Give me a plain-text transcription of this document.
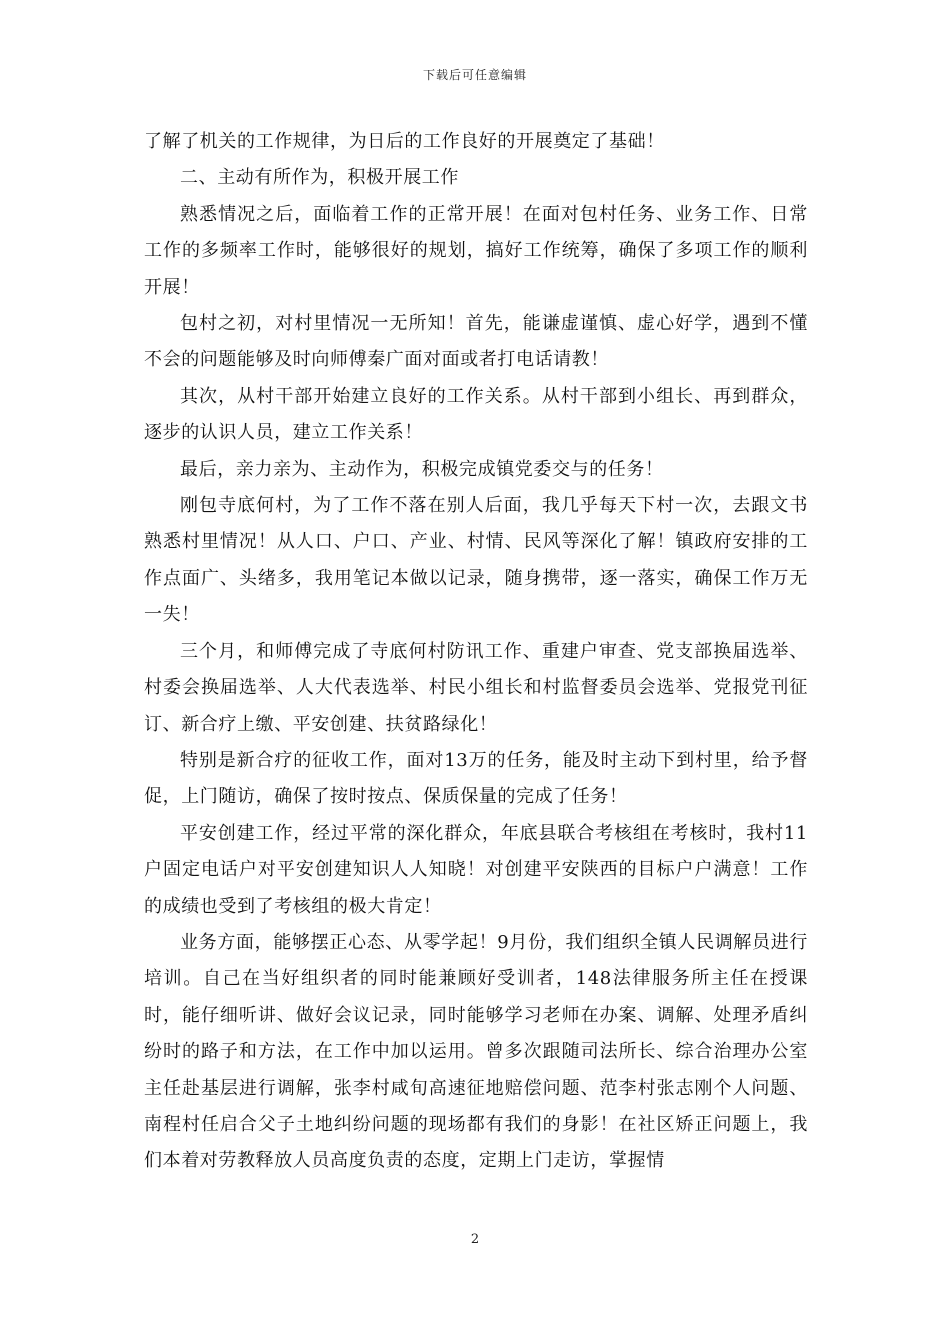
下载后可任意编辑

了解了机关的工作规律，为日后的工作良好的开展奠定了基础！

二、主动有所作为，积极开展工作

熟悉情况之后，面临着工作的正常开展！在面对包村任务、业务工作、日常工作的多频率工作时，能够很好的规划，搞好工作统筹，确保了多项工作的顺利开展！

包村之初，对村里情况一无所知！首先，能谦虚谨慎、虚心好学，遇到不懂不会的问题能够及时向师傅秦广面对面或者打电话请教！

其次，从村干部开始建立良好的工作关系。从村干部到小组长、再到群众，逐步的认识人员，建立工作关系！

最后，亲力亲为、主动作为，积极完成镇党委交与的任务！

刚包寺底何村，为了工作不落在别人后面，我几乎每天下村一次，去跟文书熟悉村里情况！从人口、户口、产业、村情、民风等深化了解！镇政府安排的工作点面广、头绪多，我用笔记本做以记录，随身携带，逐一落实，确保工作万无一失！

三个月，和师傅完成了寺底何村防讯工作、重建户审查、党支部换届选举、村委会换届选举、人大代表选举、村民小组长和村监督委员会选举、党报党刊征订、新合疗上缴、平安创建、扶贫路绿化！

特别是新合疗的征收工作，面对13万的任务，能及时主动下到村里，给予督促，上门随访，确保了按时按点、保质保量的完成了任务！

平安创建工作，经过平常的深化群众，年底县联合考核组在考核时，我村11户固定电话户对平安创建知识人人知晓！对创建平安陕西的目标户户满意！工作的成绩也受到了考核组的极大肯定！

业务方面，能够摆正心态、从零学起！9月份，我们组织全镇人民调解员进行培训。自己在当好组织者的同时能兼顾好受训者，148法律服务所主任在授课时，能仔细听讲、做好会议记录，同时能够学习老师在办案、调解、处理矛盾纠纷时的路子和方法，在工作中加以运用。曾多次跟随司法所长、综合治理办公室主任赴基层进行调解，张李村咸旬高速征地赔偿问题、范李村张志刚个人问题、南程村任启合父子土地纠纷问题的现场都有我们的身影！在社区矫正问题上，我们本着对劳教释放人员高度负责的态度，定期上门走访，掌握情

2
